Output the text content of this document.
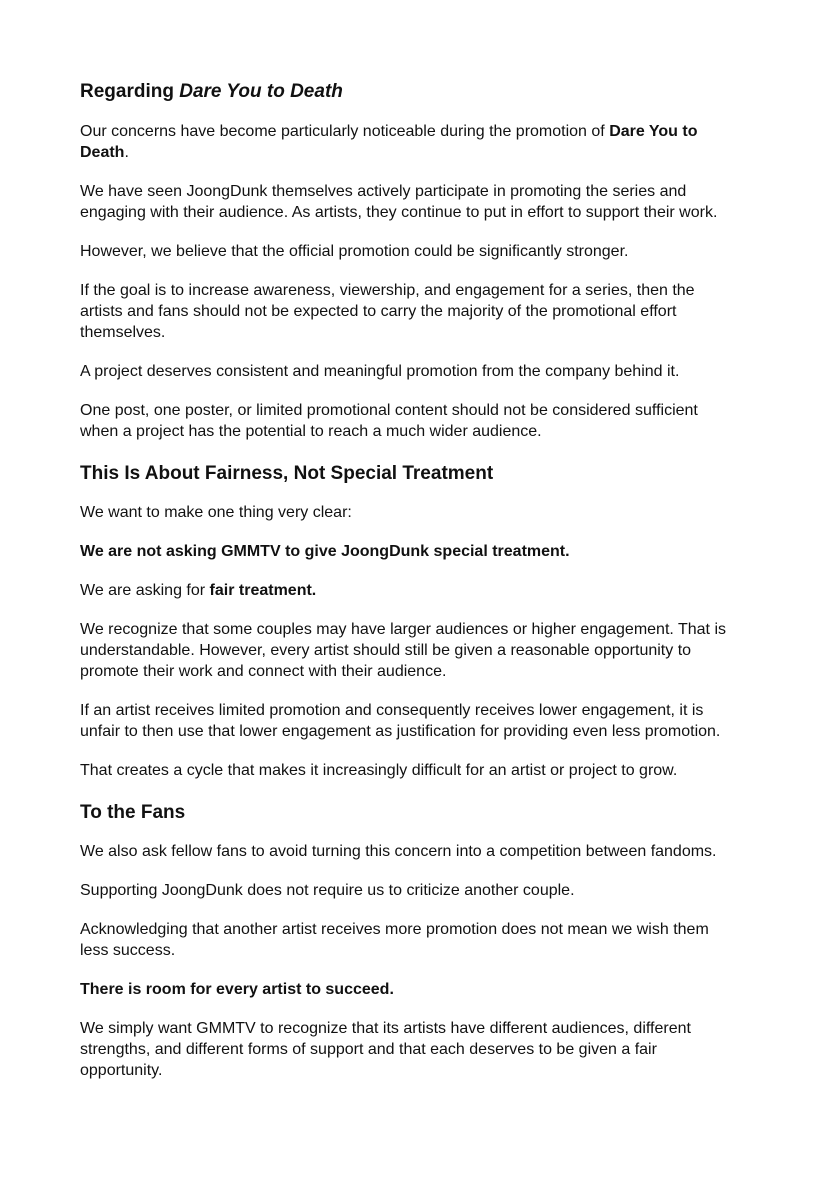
Regarding Dare You to Death

Our concerns have become particularly noticeable during the promotion of Dare You to Death.

We have seen JoongDunk themselves actively participate in promoting the series and engaging with their audience. As artists, they continue to put in effort to support their work.

However, we believe that the official promotion could be significantly stronger.

If the goal is to increase awareness, viewership, and engagement for a series, then the artists and fans should not be expected to carry the majority of the promotional effort themselves.

A project deserves consistent and meaningful promotion from the company behind it.

One post, one poster, or limited promotional content should not be considered sufficient when a project has the potential to reach a much wider audience.

This Is About Fairness, Not Special Treatment

We want to make one thing very clear:

We are not asking GMMTV to give JoongDunk special treatment.

We are asking for fair treatment.

We recognize that some couples may have larger audiences or higher engagement. That is understandable. However, every artist should still be given a reasonable opportunity to promote their work and connect with their audience.

If an artist receives limited promotion and consequently receives lower engagement, it is unfair to then use that lower engagement as justification for providing even less promotion.

That creates a cycle that makes it increasingly difficult for an artist or project to grow.

To the Fans

We also ask fellow fans to avoid turning this concern into a competition between fandoms.

Supporting JoongDunk does not require us to criticize another couple.

Acknowledging that another artist receives more promotion does not mean we wish them less success.

There is room for every artist to succeed.

We simply want GMMTV to recognize that its artists have different audiences, different strengths, and different forms of support and that each deserves to be given a fair opportunity.
